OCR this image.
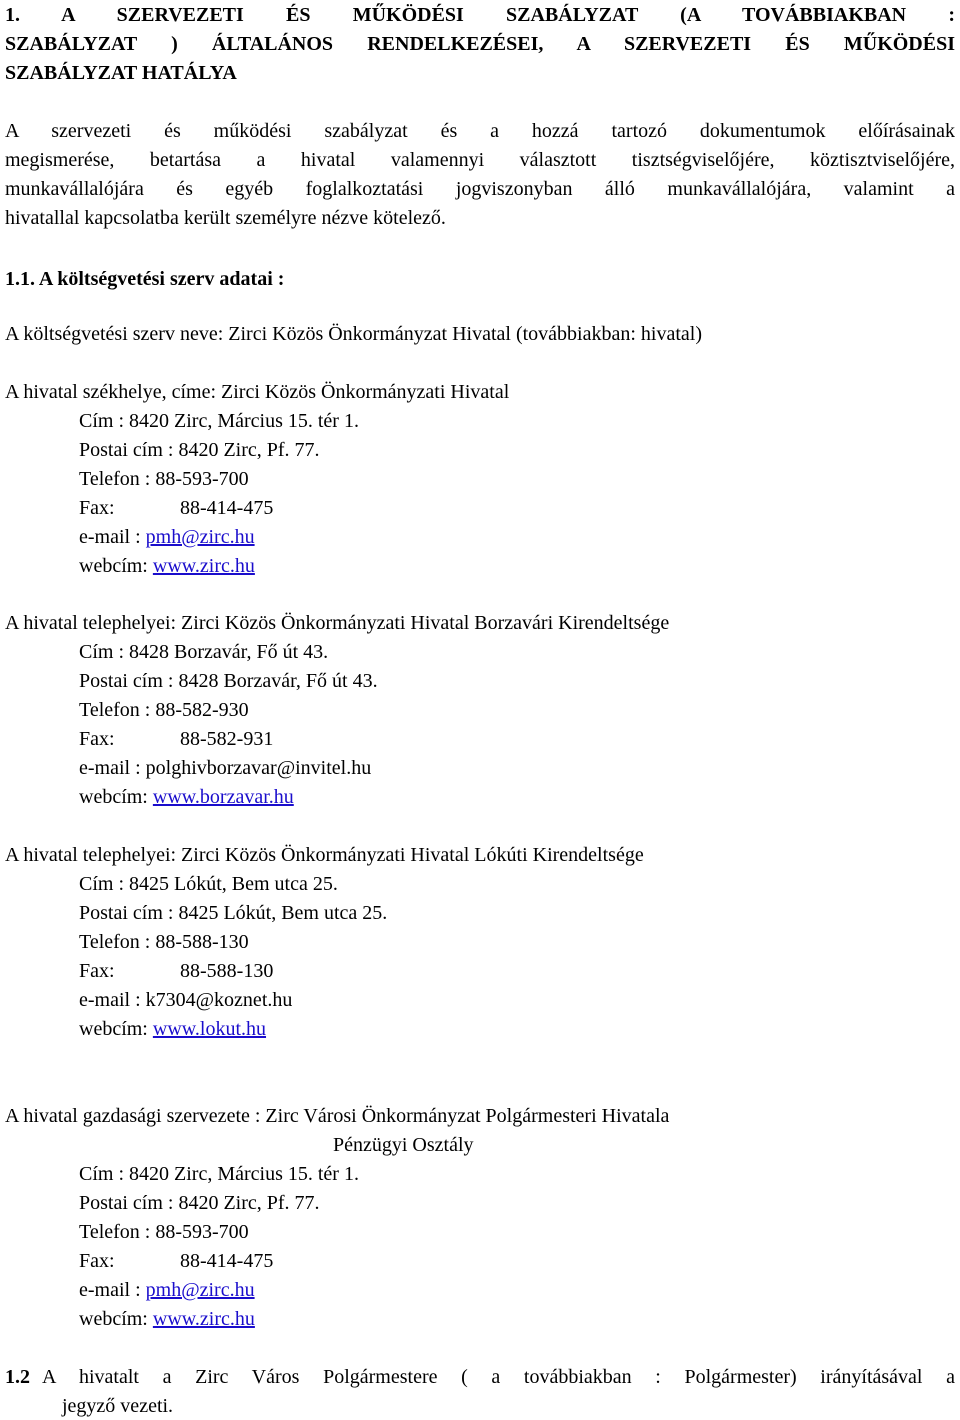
1. A SZERVEZETI ÉS MŰKÖDÉSI SZABÁLYZAT (A TOVÁBBIAKBAN :
SZABÁLYZAT ) ÁLTALÁNOS RENDELKEZÉSEI, A SZERVEZETI ÉS MŰKÖDÉSI
SZABÁLYZAT HATÁLYA
A szervezeti és működési szabályzat és a hozzá tartozó dokumentumok előírásainak
megismerése, betartása a hivatal valamennyi választott tisztségviselőjére, köztisztviselőjére,
munkavállalójára és egyéb foglalkoztatási jogviszonyban álló munkavállalójára, valamint a
hivatallal kapcsolatba került személyre nézve kötelező.
1.1. A költségvetési szerv adatai :
A költségvetési szerv neve: Zirci Közös Önkormányzat Hivatal (továbbiakban: hivatal)
A hivatal székhelye, címe: Zirci Közös Önkormányzati Hivatal
Cím : 8420 Zirc, Március 15. tér 1.
Postai cím : 8420 Zirc, Pf. 77.
Telefon : 88-593-700
Fax:	88-414-475
e-mail : pmh@zirc.hu
webcím: www.zirc.hu
A hivatal telephelyei: Zirci Közös Önkormányzati Hivatal Borzavári Kirendeltsége
Cím : 8428 Borzavár, Fő út 43.
Postai cím : 8428 Borzavár, Fő út 43.
Telefon : 88-582-930
Fax:	88-582-931
e-mail : polghivborzavar@invitel.hu
webcím: www.borzavar.hu
A hivatal telephelyei: Zirci Közös Önkormányzati Hivatal Lókúti Kirendeltsége
Cím : 8425 Lókút, Bem utca 25.
Postai cím : 8425 Lókút, Bem utca 25.
Telefon : 88-588-130
Fax:	88-588-130
e-mail : k7304@koznet.hu
webcím: www.lokut.hu
A hivatal gazdasági szervezete : Zirc Városi Önkormányzat Polgármesteri Hivatala
Pénzügyi Osztály
Cím : 8420 Zirc, Március 15. tér 1.
Postai cím : 8420 Zirc, Pf. 77.
Telefon : 88-593-700
Fax:	88-414-475
e-mail : pmh@zirc.hu
webcím: www.zirc.hu
1.2 A hivatalt a Zirc Város Polgármestere ( a továbbiakban : Polgármester) irányításával a
jegyző vezeti.
